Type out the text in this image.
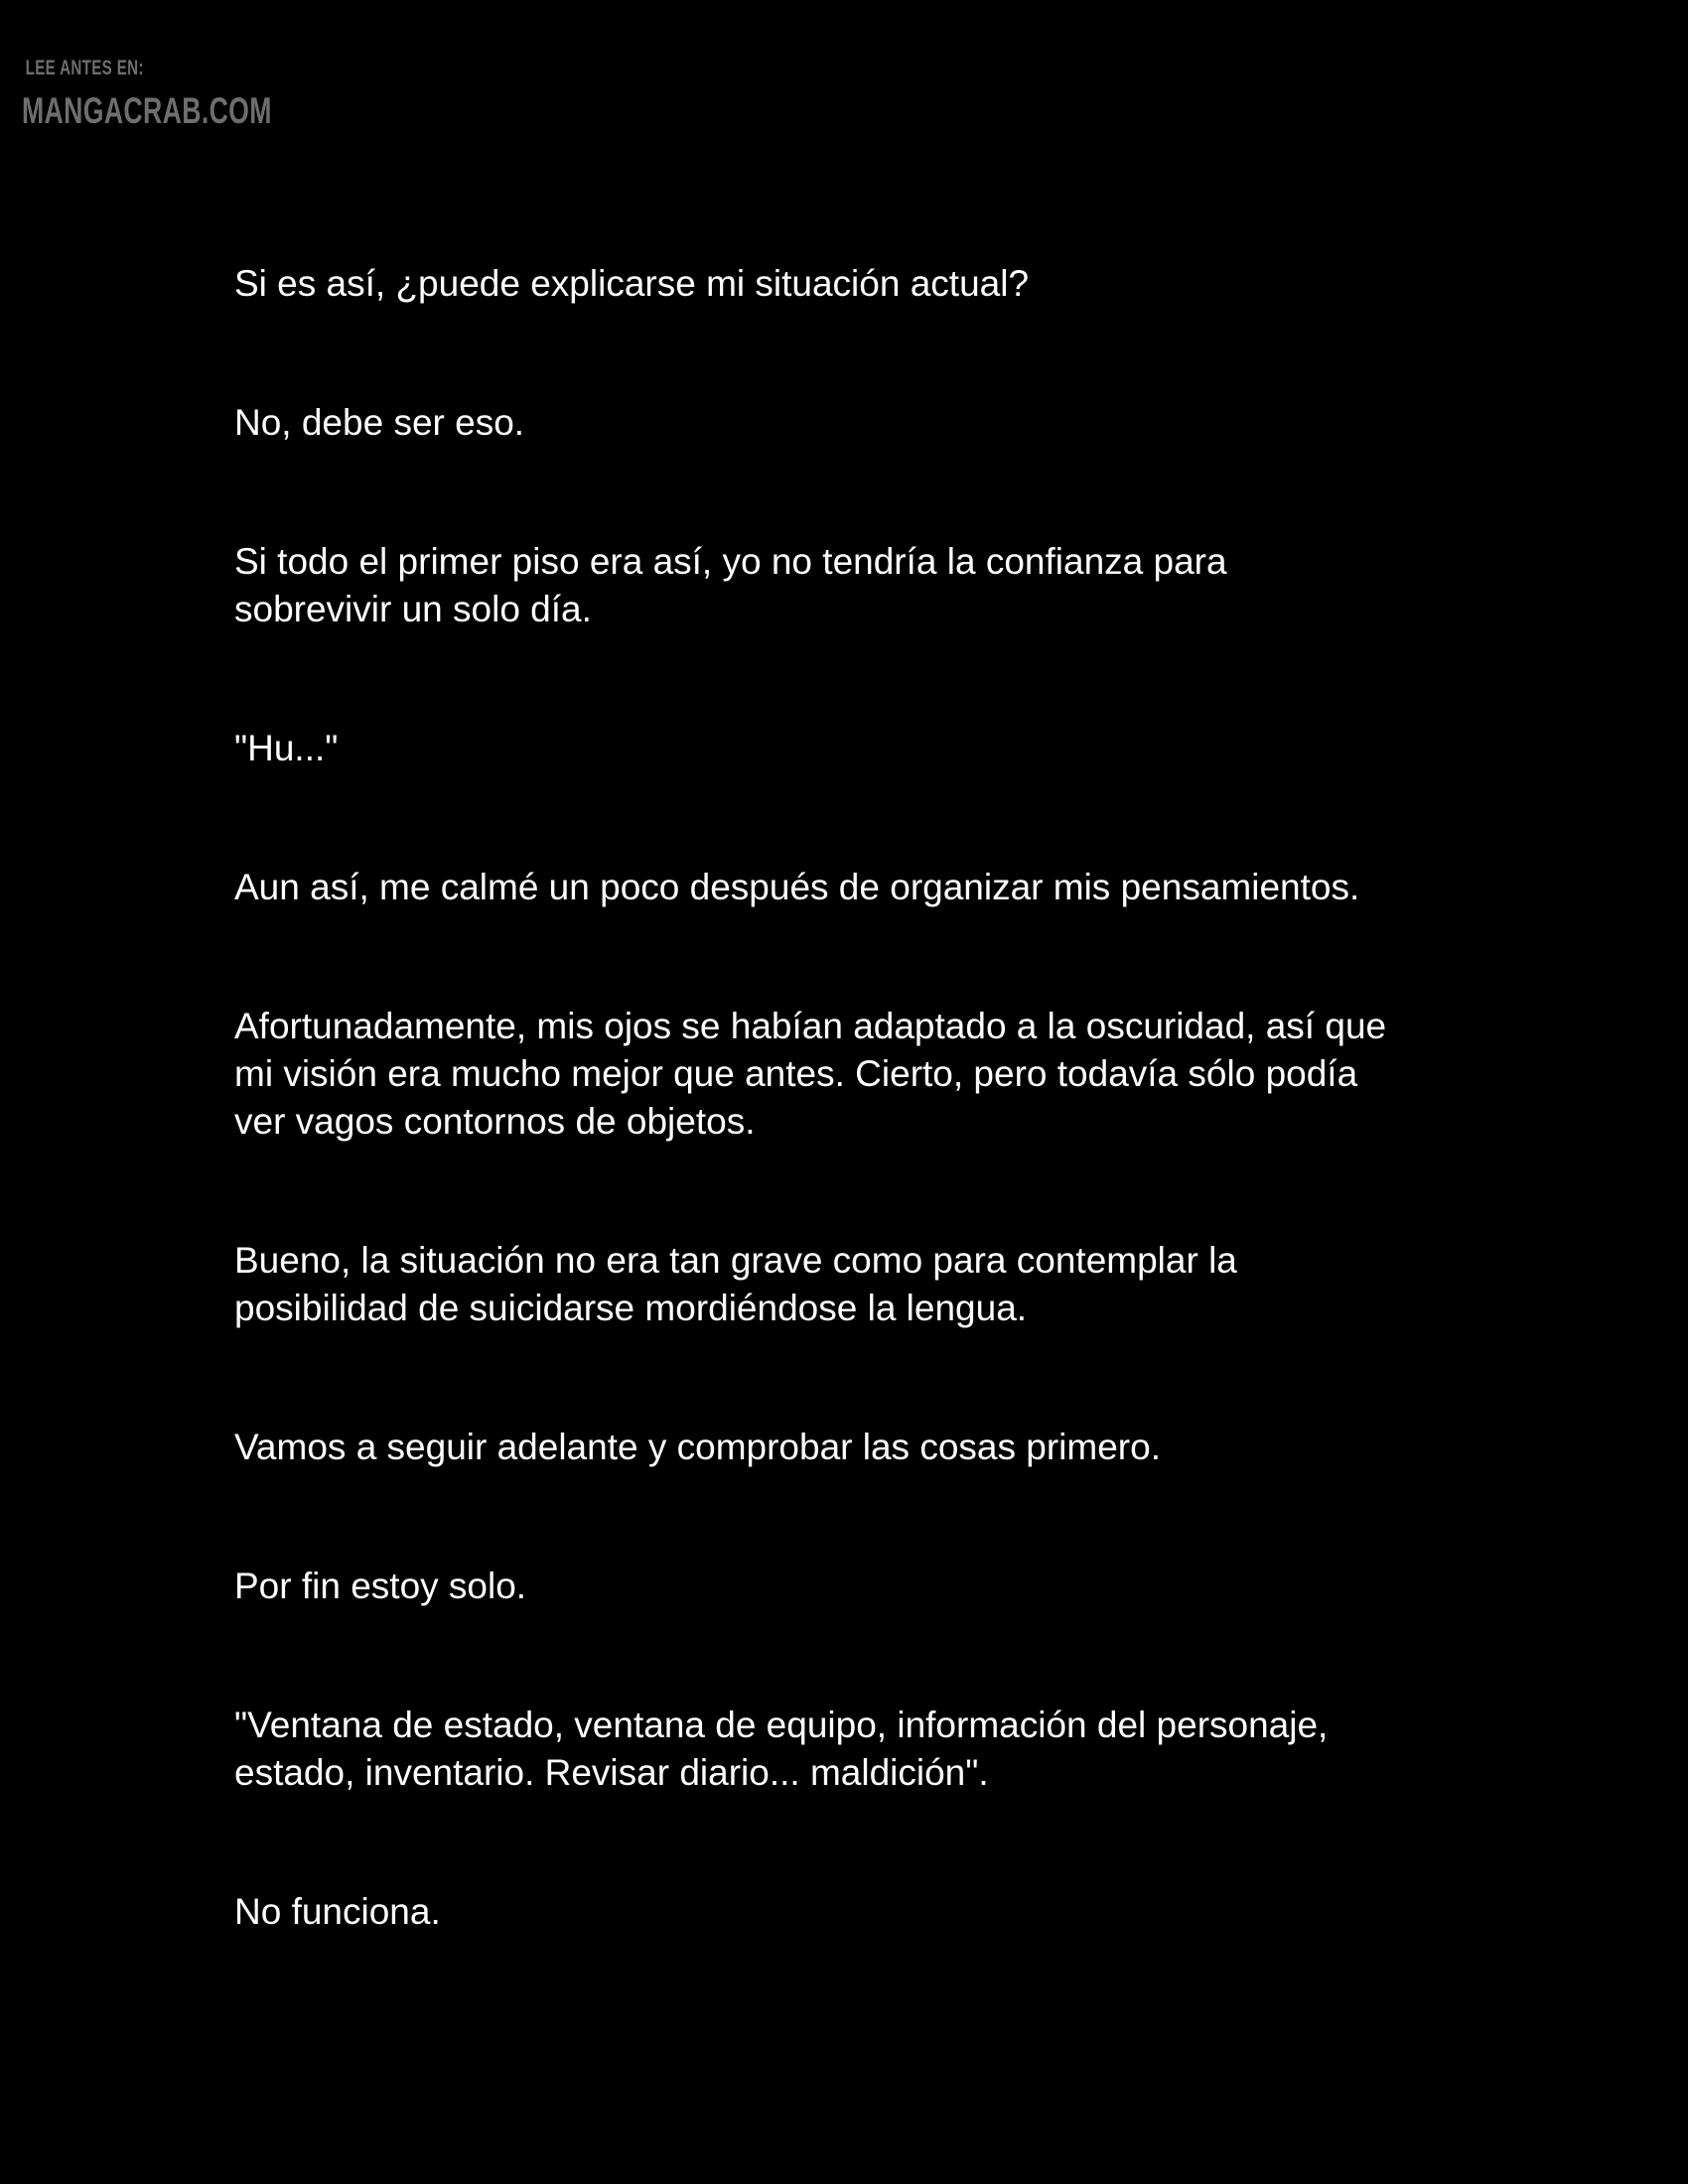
LEE ANTES EN:
MANGACRAB.COM

Si es así, ¿puede explicarse mi situación actual?

No, debe ser eso.

Si todo el primer piso era así, yo no tendría la confianza para
sobrevivir un solo día.

"Hu..."

Aun así, me calmé un poco después de organizar mis pensamientos.

Afortunadamente, mis ojos se habían adaptado a la oscuridad, así que
mi visión era mucho mejor que antes. Cierto, pero todavía sólo podía
ver vagos contornos de objetos.

Bueno, la situación no era tan grave como para contemplar la
posibilidad de suicidarse mordiéndose la lengua.

Vamos a seguir adelante y comprobar las cosas primero.

Por fin estoy solo.

"Ventana de estado, ventana de equipo, información del personaje,
estado, inventario. Revisar diario... maldición".

No funciona.
